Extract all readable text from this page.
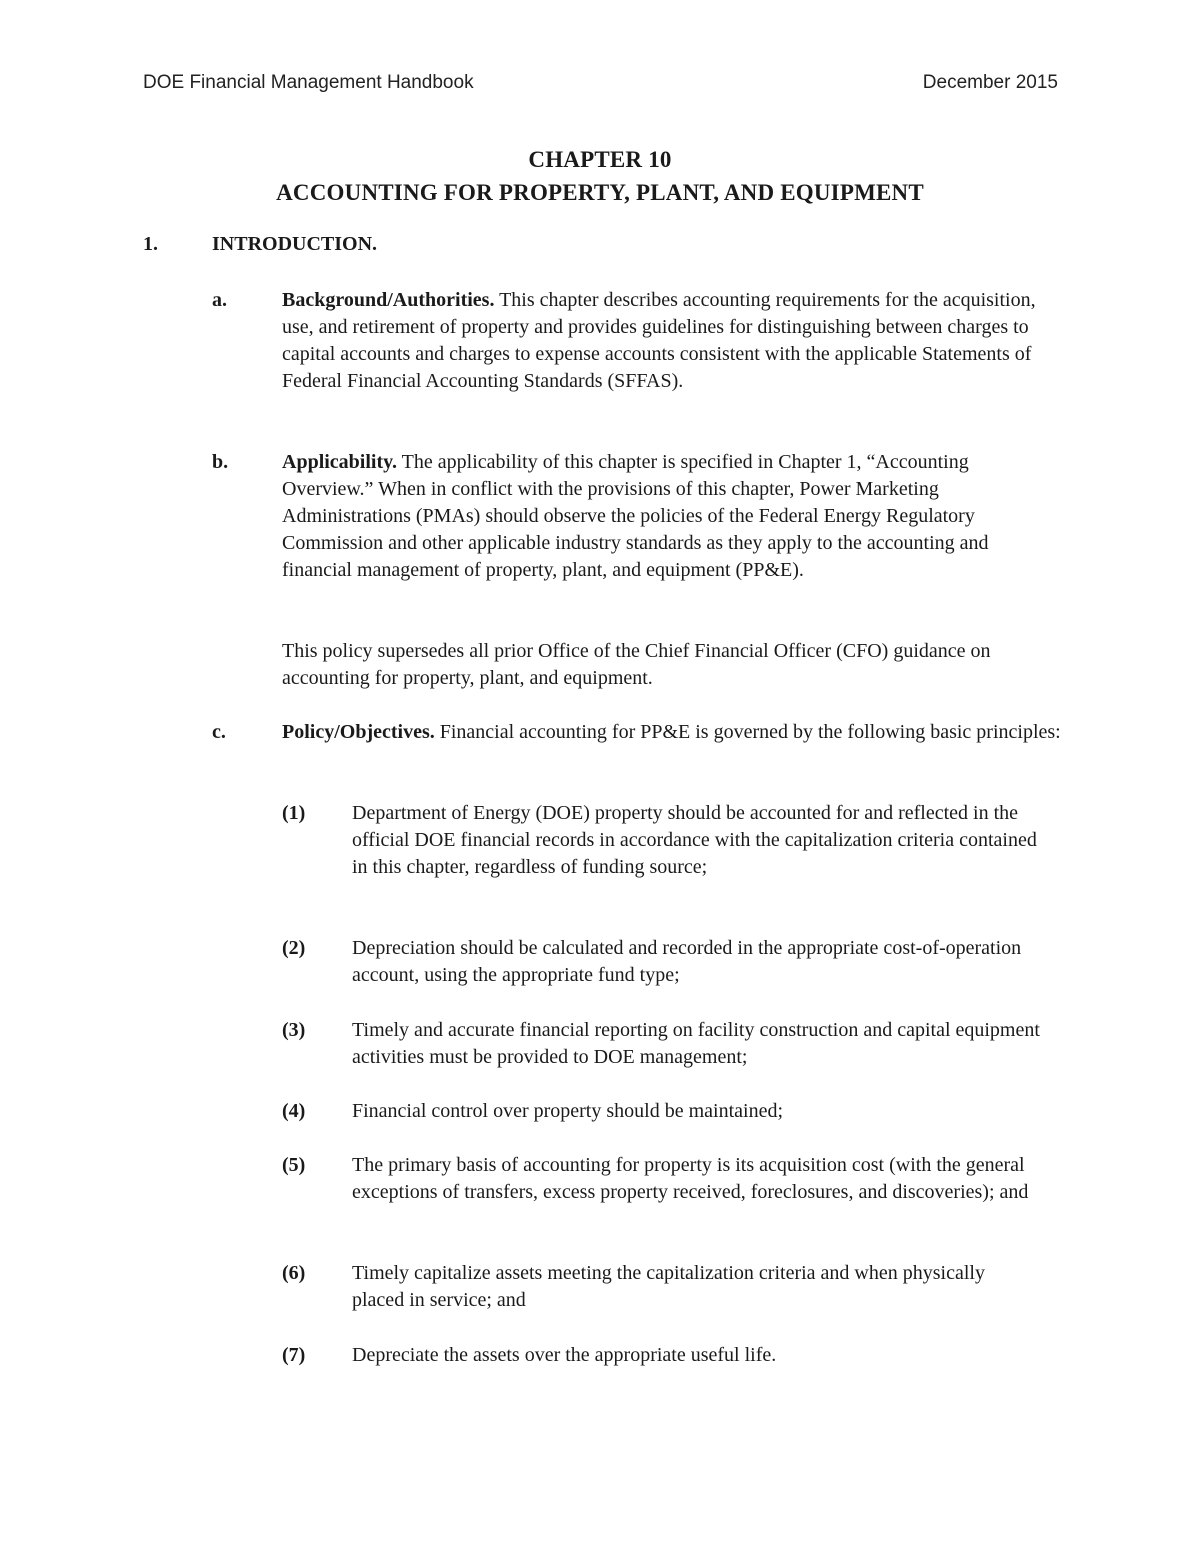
DOE Financial Management Handbook	December 2015
CHAPTER 10
ACCOUNTING FOR PROPERTY, PLANT, AND EQUIPMENT
1.	INTRODUCTION.
a.	Background/Authorities. This chapter describes accounting requirements for the acquisition, use, and retirement of property and provides guidelines for distinguishing between charges to capital accounts and charges to expense accounts consistent with the applicable Statements of Federal Financial Accounting Standards (SFFAS).
b.	Applicability. The applicability of this chapter is specified in Chapter 1, “Accounting Overview.” When in conflict with the provisions of this chapter, Power Marketing Administrations (PMAs) should observe the policies of the Federal Energy Regulatory Commission and other applicable industry standards as they apply to the accounting and financial management of property, plant, and equipment (PP&E).
This policy supersedes all prior Office of the Chief Financial Officer (CFO) guidance on accounting for property, plant, and equipment.
c.	Policy/Objectives. Financial accounting for PP&E is governed by the following basic principles:
(1) Department of Energy (DOE) property should be accounted for and reflected in the official DOE financial records in accordance with the capitalization criteria contained in this chapter, regardless of funding source;
(2) Depreciation should be calculated and recorded in the appropriate cost-of-operation account, using the appropriate fund type;
(3) Timely and accurate financial reporting on facility construction and capital equipment activities must be provided to DOE management;
(4) Financial control over property should be maintained;
(5) The primary basis of accounting for property is its acquisition cost (with the general exceptions of transfers, excess property received, foreclosures, and discoveries); and
(6) Timely capitalize assets meeting the capitalization criteria and when physically placed in service; and
(7) Depreciate the assets over the appropriate useful life.
